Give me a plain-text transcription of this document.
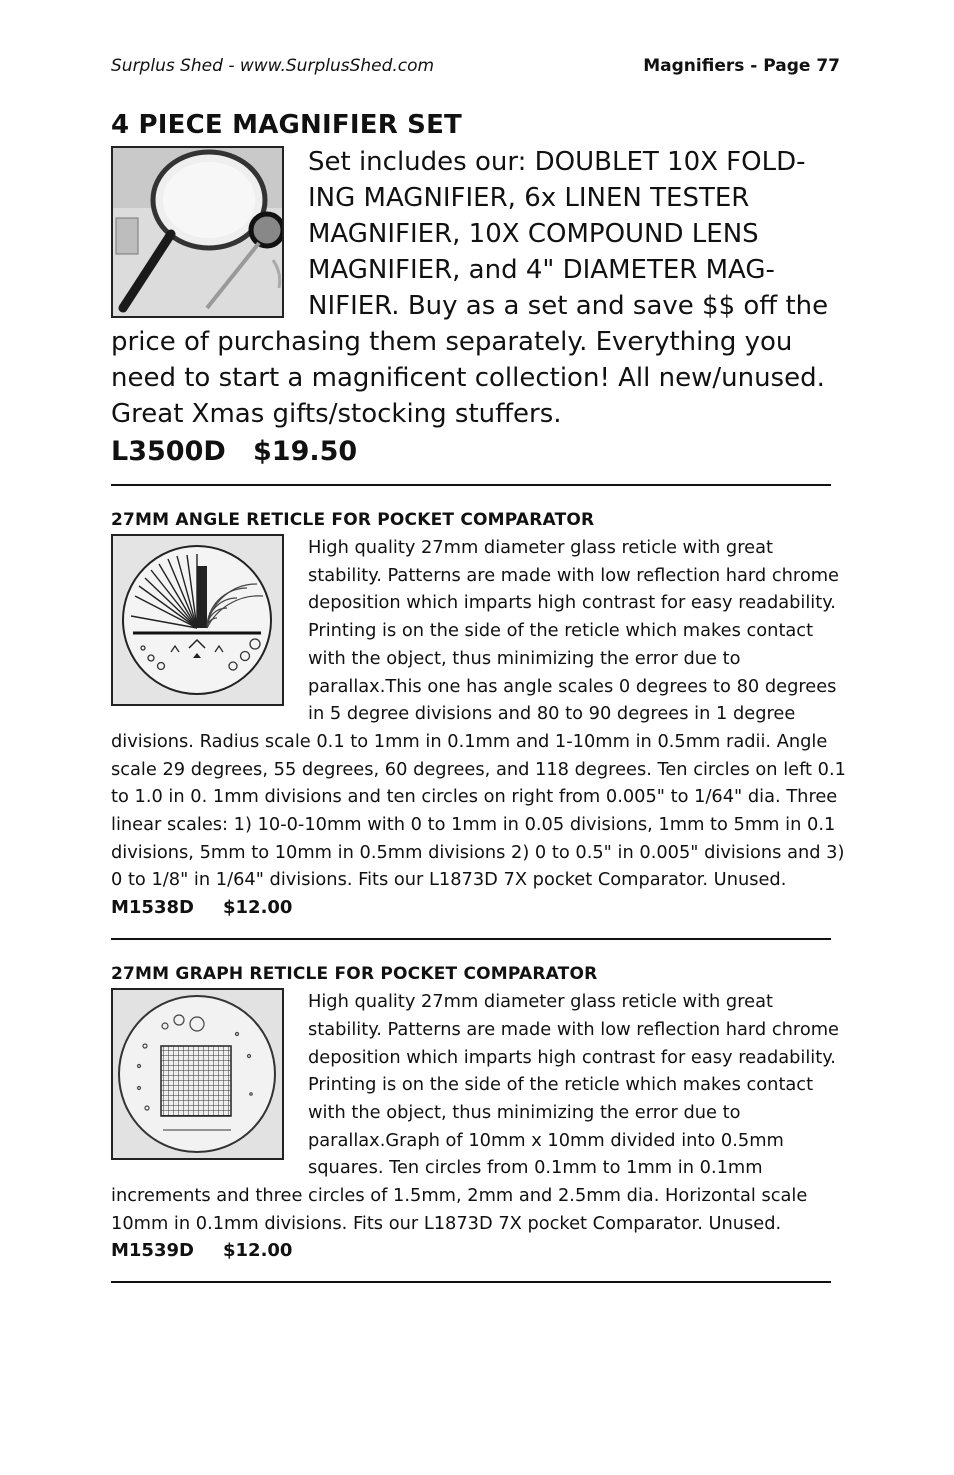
Surplus Shed - www.SurplusShed.com	Magnifiers - Page 77
4 PIECE MAGNIFIER SET

Set includes our: DOUBLET 10X FOLD-ING MAGNIFIER, 6x LINEN TESTER MAGNIFIER, 10X COMPOUND LENS MAGNIFIER, and 4" DIAMETER MAG-NIFIER. Buy as a set and save $$ off the price of purchasing them separately. Everything you need to start a magnificent collection! All new/unused. Great Xmas gifts/stocking stuffers.

L3500D $19.50
27MM ANGLE RETICLE FOR POCKET COMPARATOR

High quality 27mm diameter glass reticle with great stability. Patterns are made with low reflection hard chrome deposition which imparts high contrast for easy readability. Printing is on the side of the reticle which makes contact with the object, thus minimizing the error due to parallax.This one has angle scales 0 degrees to 80 degrees in 5 degree divisions and 80 to 90 degrees in 1 degree divisions. Radius scale 0.1 to 1mm in 0.1mm and 1-10mm in 0.5mm radii. Angle scale 29 degrees, 55 degrees, 60 degrees, and 118 degrees. Ten circles on left 0.1 to 1.0 in 0. 1mm divisions and ten circles on right from 0.005" to 1/64" dia. Three linear scales: 1) 10-0-10mm with 0 to 1mm in 0.05 divisions, 1mm to 5mm in 0.1 divisions, 5mm to 10mm in 0.5mm divisions 2) 0 to 0.5" in 0.005" divisions and 3) 0 to 1/8" in 1/64" divisions. Fits our L1873D 7X pocket Comparator. Unused.

M1538D $12.00
27MM GRAPH RETICLE FOR POCKET COMPARATOR

High quality 27mm diameter glass reticle with great stability. Patterns are made with low reflection hard chrome deposition which imparts high contrast for easy readability. Printing is on the side of the reticle which makes contact with the object, thus minimizing the error due to parallax.Graph of 10mm x 10mm divided into 0.5mm squares. Ten circles from 0.1mm to 1mm in 0.1mm increments and three circles of 1.5mm, 2mm and 2.5mm dia. Horizontal scale 10mm in 0.1mm divisions. Fits our L1873D 7X pocket Comparator. Unused.

M1539D $12.00
